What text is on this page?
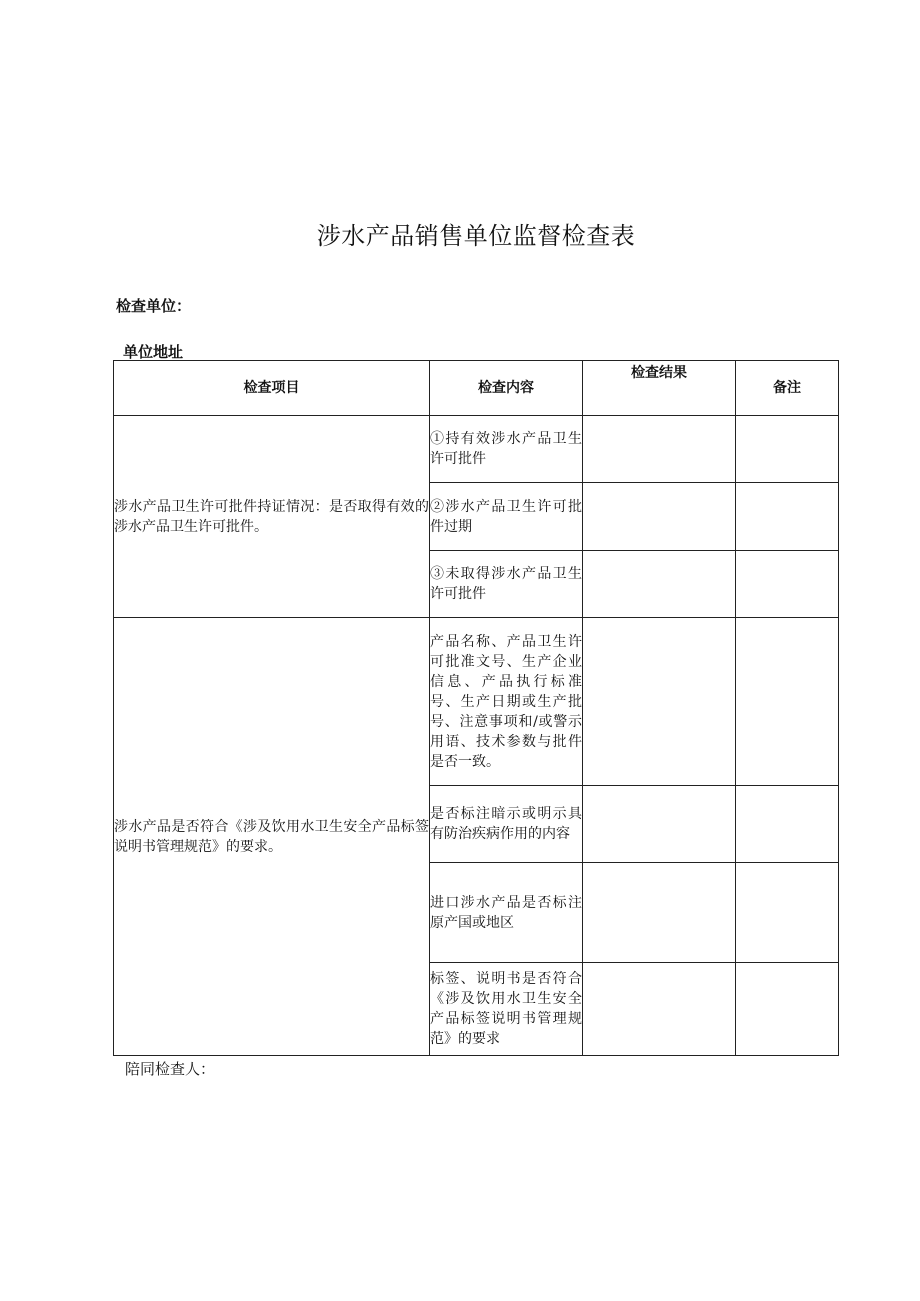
涉水产品销售单位监督检查表
检查单位：
单位地址
检查项目	检查内容	检查结果	备注
涉水产品卫生许可批件持证情况：是否取得有效的涉水产品卫生许可批件。	①持有效涉水产品卫生许可批件		
	②涉水产品卫生许可批件过期		
	③未取得涉水产品卫生许可批件		
涉水产品是否符合《涉及饮用水卫生安全产品标签说明书管理规范》的要求。	产品名称、产品卫生许可批准文号、生产企业信息、产品执行标准号、生产日期或生产批号、注意事项和/或警示用语、技术参数与批件是否一致。		
	是否标注暗示或明示具有防治疾病作用的内容		
	进口涉水产品是否标注原产国或地区		
	标签、说明书是否符合《涉及饮用水卫生安全产品标签说明书管理规范》的要求		
陪同检查人：
